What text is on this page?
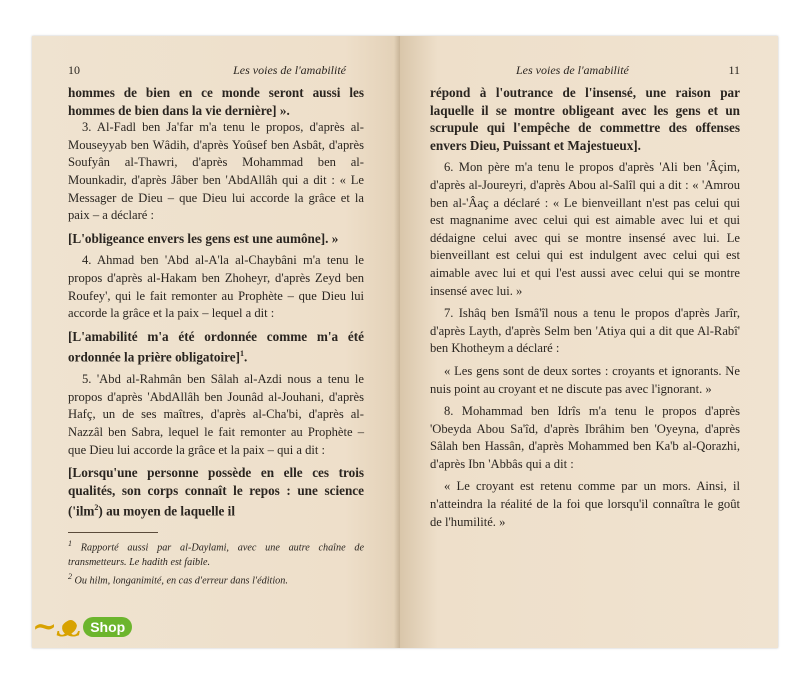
10	Les voies de l'amabilité

hommes de bien en ce monde seront aussi les hommes de bien dans la vie dernière] ».

3. Al-Fadl ben Ja'far m'a tenu le propos, d'après al-Mouseyyab ben Wâdih, d'après Yoûsef ben Asbât, d'après Soufyân al-Thawri, d'après Mohammad ben al-Mounkadir, d'après Jâber ben 'AbdAllâh qui a dit : « Le Messager de Dieu – que Dieu lui accorde la grâce et la paix – a déclaré :

[L'obligeance envers les gens est une aumône]. »

4. Ahmad ben 'Abd al-A'la al-Chaybâni m'a tenu le propos d'après al-Hakam ben Zhoheyr, d'après Zeyd ben Roufey', qui le fait remonter au Prophète – que Dieu lui accorde la grâce et la paix – lequel a dit :

[L'amabilité m'a été ordonnée comme m'a été ordonnée la prière obligatoire]$^1$.

5. 'Abd al-Rahmân ben Sâlah al-Azdi nous a tenu le propos d'après 'AbdAllâh ben Jounâd al-Jouhani, d'après Hafç, un de ses maîtres, d'après al-Cha'bi, d'après al-Nazzâl ben Sabra, lequel le fait remonter au Prophète – que Dieu lui accorde la grâce et la paix – qui a dit :

[Lorsqu'une personne possède en elle ces trois qualités, son corps connaît le repos : une science ('ilm$^2$) au moyen de laquelle il

$^1$ Rapporté aussi par al-Daylami, avec une autre chaîne de transmetteurs. Le hadith est faible.
$^2$ Ou hilm, longanimité, en cas d'erreur dans l'édition.
Les voies de l'amabilité	11

répond à l'outrance de l'insensé, une raison par laquelle il se montre obligeant avec les gens et un scrupule qui l'empêche de commettre des offenses envers Dieu, Puissant et Majestueux].

6. Mon père m'a tenu le propos d'après 'Ali ben 'Âçim, d'après al-Joureyri, d'après Abou al-Salîl qui a dit : « 'Amrou ben al-'Âaç a déclaré : « Le bienveillant n'est pas celui qui est magnanime avec celui qui est aimable avec lui et qui dédaigne celui avec qui se montre insensé avec lui. Le bienveillant est celui qui est indulgent avec celui qui est aimable avec lui et qui l'est aussi avec celui qui se montre insensé avec lui. »

7. Ishâq ben Ismâ'îl nous a tenu le propos d'après Jarîr, d'après Layth, d'après Selm ben 'Atiya qui a dit que Al-Rabî' ben Khotheym a déclaré :

« Les gens sont de deux sortes : croyants et ignorants. Ne nuis point au croyant et ne discute pas avec l'ignorant. »

8. Mohammad ben Idrîs m'a tenu le propos d'après 'Obeyda Abou Sa'îd, d'après Ibrâhim ben 'Oyeyna, d'après Sâlah ben Hassân, d'après Mohammed ben Ka'b al-Qorazhi, d'après Ibn 'Abbâs qui a dit :

« Le croyant est retenu comme par un mors. Ainsi, il n'atteindra la réalité de la foi que lorsqu'il connaîtra le goût de l'humilité. »

~ᴥ Shop
